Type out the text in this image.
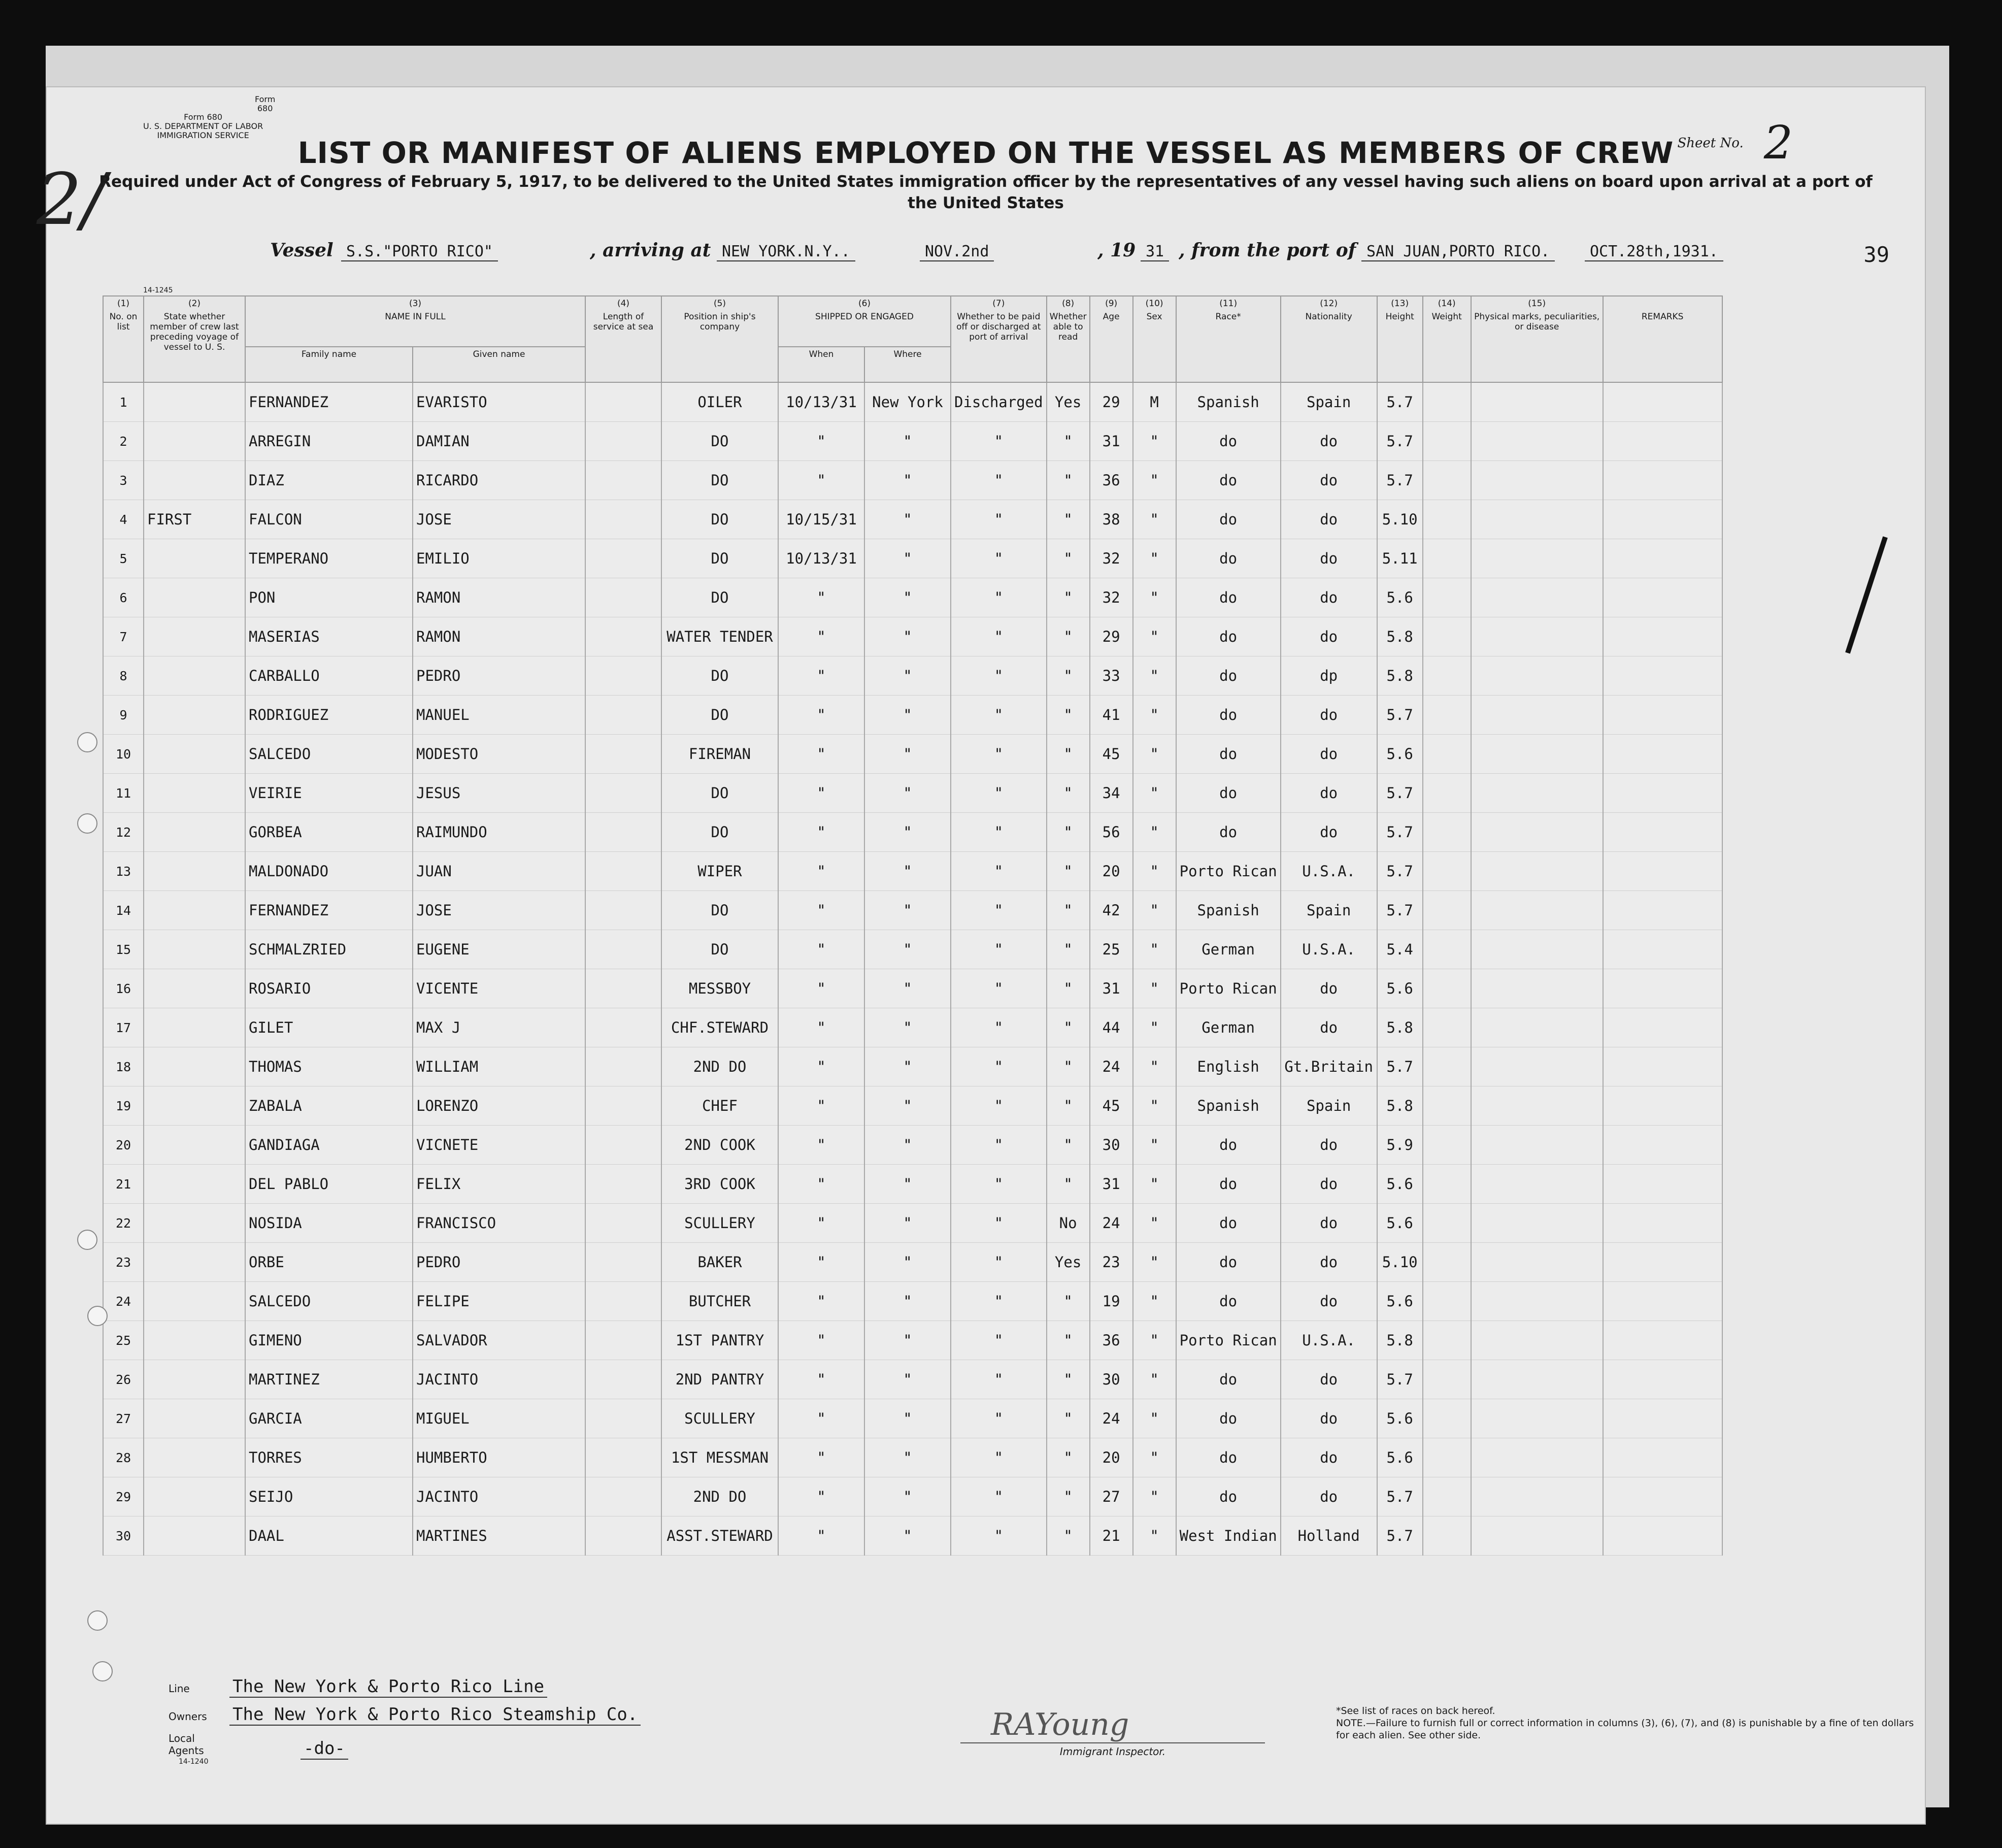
Form 680
Form 680
U. S. DEPARTMENT OF LABOR
IMMIGRATION SERVICE
Sheet No. 2
2/
LIST OR MANIFEST OF ALIENS EMPLOYED ON THE VESSEL AS MEMBERS OF CREW
Required under Act of Congress of February 5, 1917, to be delivered to the United States immigration officer by the representatives of any vessel having such aliens on board upon arrival at a port of the United States
Vessel S.S."PORTO RICO"	, arriving at NEW YORK.N.Y..	NOV.2nd	, 19 31 , from the port of SAN JUAN,PORTO RICO.	OCT.28th,1931.	39
14-1245
(1)
No. on list	(2)
State whether member of crew last preceding voyage of vessel to U. S.	(3)
NAME IN FULL		(4)
Length of service at sea	(5)
Position in ship's company	(6)
SHIPPED OR ENGAGED		(7)
Whether to be paid off or discharged at port of arrival	(8)
Whether able to read	(9)
Age	(10)
Sex	(11)
Race*	(12)
Nationality	(13)
Height	(14)
Weight	(15)
Physical marks, peculiarities, or disease	REMARKS
		Family name	Given name			When	Where										
1		FERNANDEZ	EVARISTO		OILER	10/13/31	New York	Discharged	Yes	29	M	Spanish	Spain	5.7			
2		ARREGIN	DAMIAN		DO	"	"	"	"	31	"	do	do	5.7			
3		DIAZ	RICARDO		DO	"	"	"	"	36	"	do	do	5.7			
4	FIRST	FALCON	JOSE		DO	10/15/31	"	"	"	38	"	do	do	5.10			
5		TEMPERANO	EMILIO		DO	10/13/31	"	"	"	32	"	do	do	5.11			
6		PON	RAMON		DO	"	"	"	"	32	"	do	do	5.6			
7		MASERIAS	RAMON		WATER TENDER	"	"	"	"	29	"	do	do	5.8			
8		CARBALLO	PEDRO		DO	"	"	"	"	33	"	do	dp	5.8			
9		RODRIGUEZ	MANUEL		DO	"	"	"	"	41	"	do	do	5.7			
10		SALCEDO	MODESTO		FIREMAN	"	"	"	"	45	"	do	do	5.6			
11		VEIRIE	JESUS		DO	"	"	"	"	34	"	do	do	5.7			
12		GORBEA	RAIMUNDO		DO	"	"	"	"	56	"	do	do	5.7			
13		MALDONADO	JUAN		WIPER	"	"	"	"	20	"	Porto Rican	U.S.A.	5.7			
14		FERNANDEZ	JOSE		DO	"	"	"	"	42	"	Spanish	Spain	5.7			
15		SCHMALZRIED	EUGENE		DO	"	"	"	"	25	"	German	U.S.A.	5.4			
16		ROSARIO	VICENTE		MESSBOY	"	"	"	"	31	"	Porto Rican	do	5.6			
17		GILET	MAX J		CHF.STEWARD	"	"	"	"	44	"	German	do	5.8			
18		THOMAS	WILLIAM		2ND DO	"	"	"	"	24	"	English	Gt.Britain	5.7			
19		ZABALA	LORENZO		CHEF	"	"	"	"	45	"	Spanish	Spain	5.8			
20		GANDIAGA	VICNETE		2ND COOK	"	"	"	"	30	"	do	do	5.9			
21		DEL PABLO	FELIX		3RD COOK	"	"	"	"	31	"	do	do	5.6			
22		NOSIDA	FRANCISCO		SCULLERY	"	"	"	No	24	"	do	do	5.6			
23		ORBE	PEDRO		BAKER	"	"	"	Yes	23	"	do	do	5.10			
24		SALCEDO	FELIPE		BUTCHER	"	"	"	"	19	"	do	do	5.6			
25		GIMENO	SALVADOR		1ST PANTRY	"	"	"	"	36	"	Porto Rican	U.S.A.	5.8			
26		MARTINEZ	JACINTO		2ND PANTRY	"	"	"	"	30	"	do	do	5.7			
27		GARCIA	MIGUEL		SCULLERY	"	"	"	"	24	"	do	do	5.6			
28		TORRES	HUMBERTO		1ST MESSMAN	"	"	"	"	20	"	do	do	5.6			
29		SEIJO	JACINTO		2ND DO	"	"	"	"	27	"	do	do	5.7			
30		DAAL	MARTINES		ASST.STEWARD	"	"	"	"	21	"	West Indian	Holland	5.7			
Line The New York & Porto Rico Line
Owners The New York & Porto Rico Steamship Co.
Local Agents	-do-
14-1240
RAYoung
Immigrant Inspector.
*See list of races on back hereof.
NOTE.—Failure to furnish full or correct information in columns (3), (6), (7), and (8) is punishable by a fine of ten dollars for each alien. See other side.
